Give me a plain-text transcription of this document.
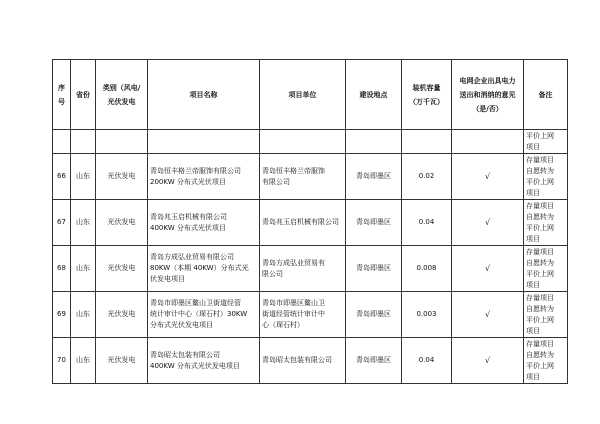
序
号	省份	类别（风电/
光伏发电	项目名称	项目单位	建设地点	装机容量
（万千瓦）	电网企业出具电力
送出和消纳的意见
（是/否）	备注
								平价上网
项目
66	山东	光伏发电	青岛恒丰格兰帝服饰有限公司
200KW 分布式光伏项目	青岛恒丰格兰帝服饰
有限公司	青岛即墨区	0.02	√	存量项目
自愿转为
平价上网
项目
67	山东	光伏发电	青岛兆玉启机械有限公司
400KW 分布式光伏项目	青岛兆玉启机械有限公司	青岛即墨区	0.04	√	存量项目
自愿转为
平价上网
项目
68	山东	光伏发电	青岛方成弘业贸易有限公司
80KW（本期 40KW）分布式光
伏发电项目	青岛方成弘业贸易有
限公司	青岛即墨区	0.008	√	存量项目
自愿转为
平价上网
项目
69	山东	光伏发电	青岛市即墨区鳌山卫街道经管
统计审计中心（琛石村）30KW
分布式光伏发电项目	青岛市即墨区鳌山卫
街道经管统计审计中
心（琛石村）	青岛即墨区	0.003	√	存量项目
自愿转为
平价上网
项目
70	山东	光伏发电	青岛昭太包装有限公司
400KW 分布式光伏发电项目	青岛昭太包装有限公司	青岛即墨区	0.04	√	存量项目
自愿转为
平价上网
项目
